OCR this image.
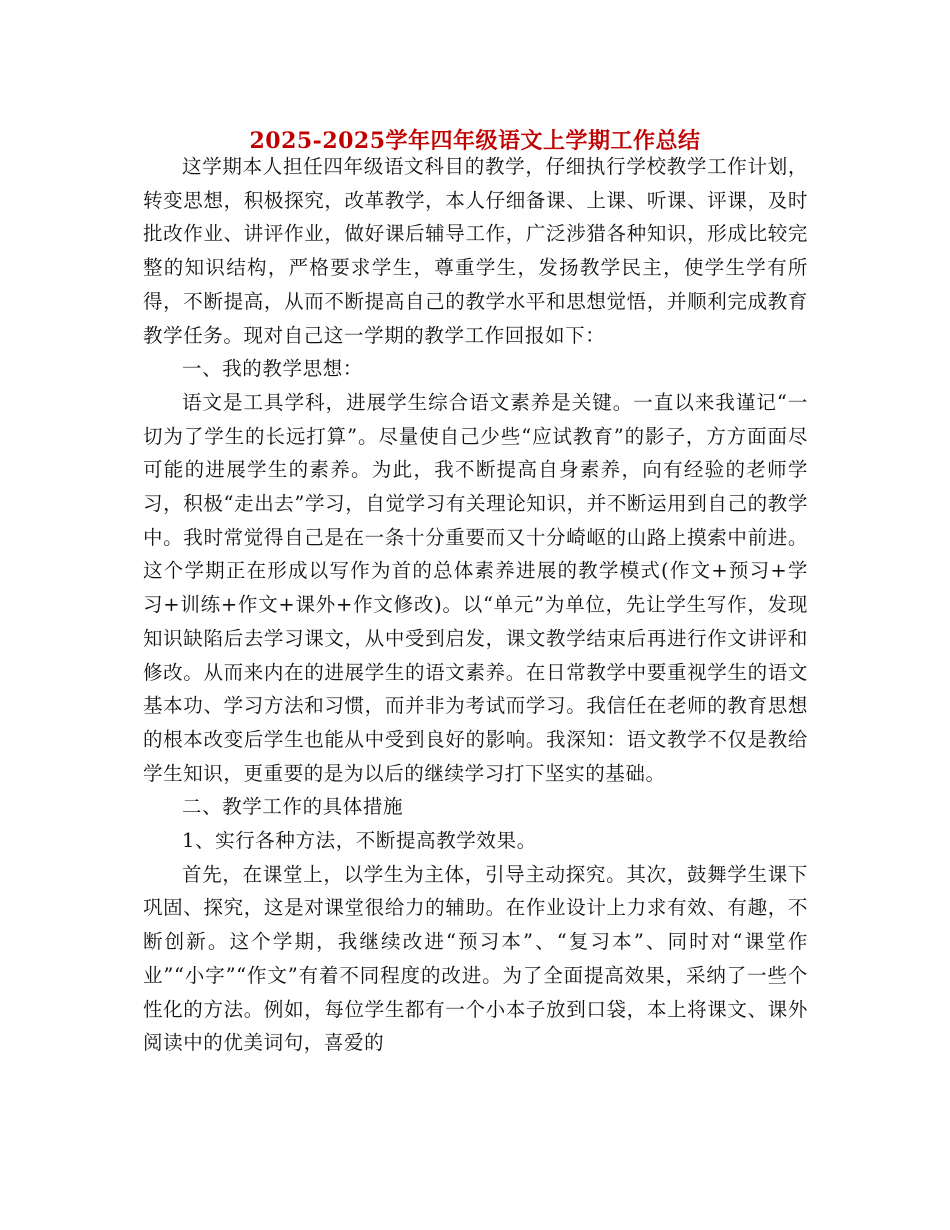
2025-2025学年四年级语文上学期工作总结

这学期本人担任四年级语文科目的教学，仔细执行学校教学工作计划，转变思想，积极探究，改革教学，本人仔细备课、上课、听课、评课，及时批改作业、讲评作业，做好课后辅导工作，广泛涉猎各种知识，形成比较完整的知识结构，严格要求学生，尊重学生，发扬教学民主，使学生学有所得，不断提高，从而不断提高自己的教学水平和思想觉悟，并顺利完成教育教学任务。现对自己这一学期的教学工作回报如下：

一、我的教学思想：

语文是工具学科，进展学生综合语文素养是关键。一直以来我谨记“一切为了学生的长远打算”。尽量使自己少些“应试教育”的影子，方方面面尽可能的进展学生的素养。为此，我不断提高自身素养，向有经验的老师学习，积极“走出去”学习，自觉学习有关理论知识，并不断运用到自己的教学中。我时常觉得自己是在一条十分重要而又十分崎岖的山路上摸索中前进。这个学期正在形成以写作为首的总体素养进展的教学模式(作文+预习+学习+训练+作文+课外+作文修改)。以“单元”为单位，先让学生写作，发现知识缺陷后去学习课文，从中受到启发，课文教学结束后再进行作文讲评和修改。从而来内在的进展学生的语文素养。在日常教学中要重视学生的语文基本功、学习方法和习惯，而并非为考试而学习。我信任在老师的教育思想的根本改变后学生也能从中受到良好的影响。我深知：语文教学不仅是教给学生知识，更重要的是为以后的继续学习打下坚实的基础。

二、教学工作的具体措施

1、实行各种方法，不断提高教学效果。

首先，在课堂上，以学生为主体，引导主动探究。其次，鼓舞学生课下巩固、探究，这是对课堂很给力的辅助。在作业设计上力求有效、有趣，不断创新。这个学期，我继续改进“预习本”、“复习本”、同时对“课堂作业”“小字”“作文”有着不同程度的改进。为了全面提高效果，采纳了一些个性化的方法。例如，每位学生都有一个小本子放到口袋，本上将课文、课外阅读中的优美词句，喜爱的
